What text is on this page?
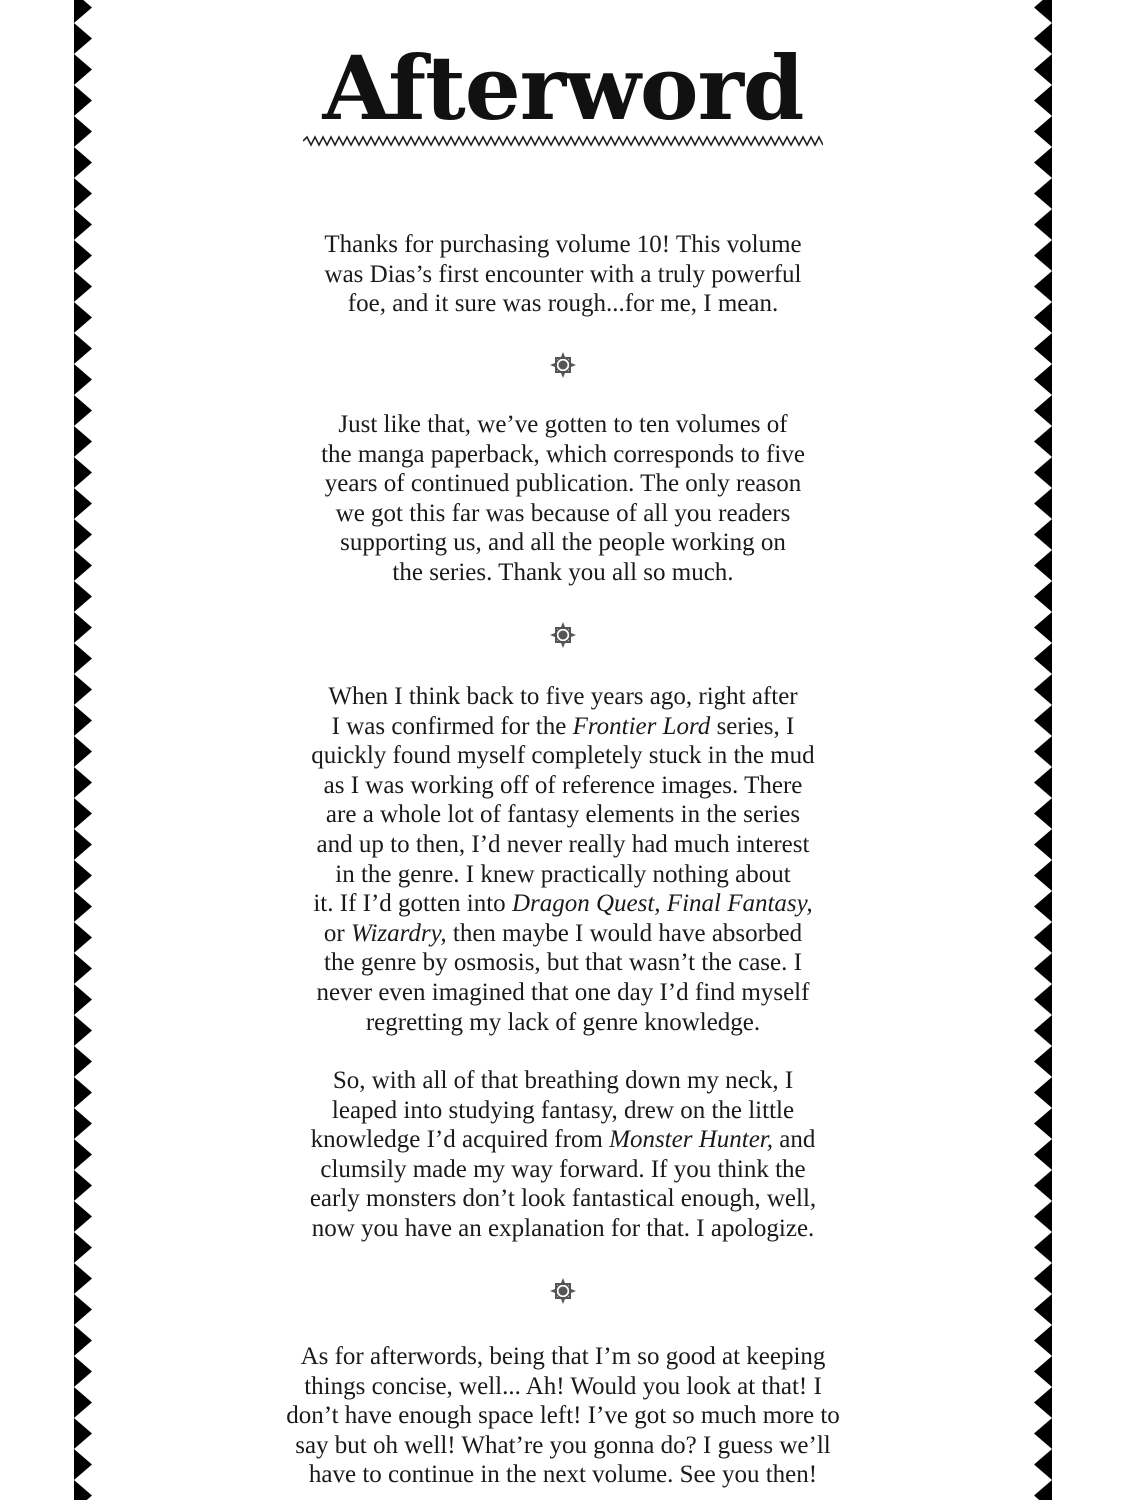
Afterword

Thanks for purchasing volume 10! This volume
was Dias’s first encounter with a truly powerful
foe, and it sure was rough...for me, I mean.

Just like that, we’ve gotten to ten volumes of
the manga paperback, which corresponds to five
years of continued publication. The only reason
we got this far was because of all you readers
supporting us, and all the people working on
the series. Thank you all so much.

When I think back to five years ago, right after
I was confirmed for the Frontier Lord series, I
quickly found myself completely stuck in the mud
as I was working off of reference images. There
are a whole lot of fantasy elements in the series
and up to then, I’d never really had much interest
in the genre. I knew practically nothing about
it. If I’d gotten into Dragon Quest, Final Fantasy,
or Wizardry, then maybe I would have absorbed
the genre by osmosis, but that wasn’t the case. I
never even imagined that one day I’d find myself
regretting my lack of genre knowledge.

So, with all of that breathing down my neck, I
leaped into studying fantasy, drew on the little
knowledge I’d acquired from Monster Hunter, and
clumsily made my way forward. If you think the
early monsters don’t look fantastical enough, well,
now you have an explanation for that. I apologize.

As for afterwords, being that I’m so good at keeping
things concise, well... Ah! Would you look at that! I
don’t have enough space left! I’ve got so much more to
say but oh well! What’re you gonna do? I guess we’ll
have to continue in the next volume. See you then!
